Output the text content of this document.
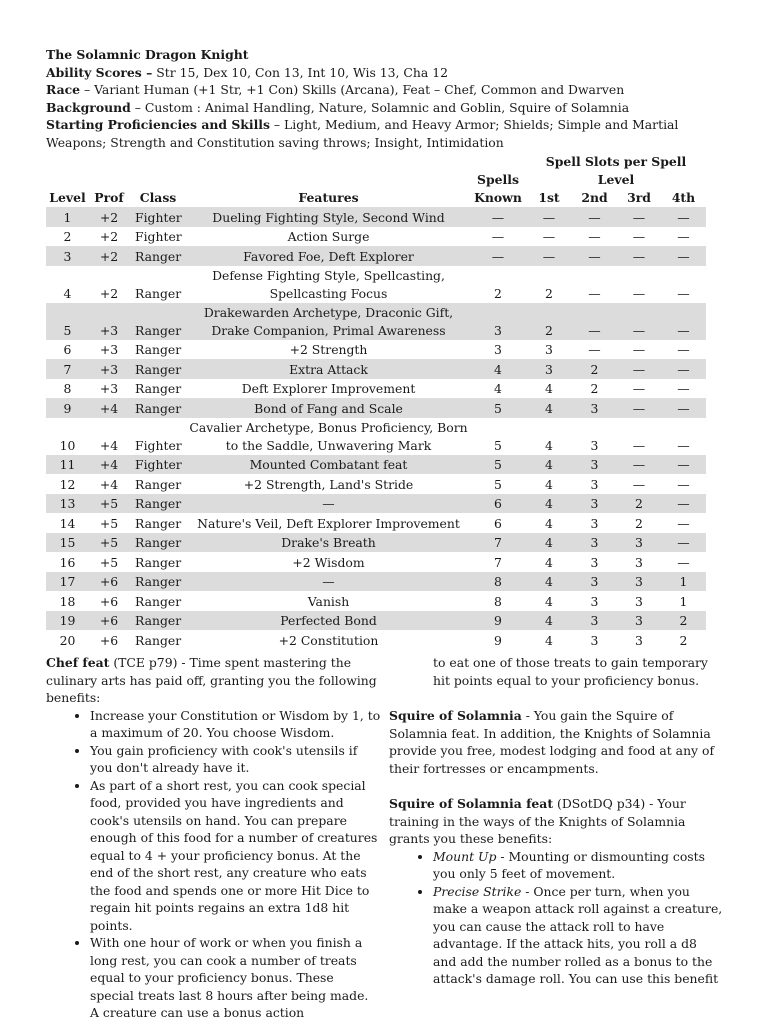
The Solamnic Dragon Knight

Ability Scores – Str 15, Dex 10, Con 13, Int 10, Wis 13, Cha 12

Race – Variant Human (+1 Str, +1 Con) Skills (Arcana), Feat – Chef, Common and Dwarven

Background – Custom : Animal Handling, Nature, Solamnic and Goblin, Squire of Solamnia

Starting Proficiencies and Skills – Light, Medium, and Heavy Armor; Shields; Simple and Martial Weapons; Strength and Constitution saving throws; Insight, Intimidation

				Spells	Spell Slots per Spell Level			
Level	Prof	Class	Features	Known	1st	2nd	3rd	4th
1	+2	Fighter	Dueling Fighting Style, Second Wind	—	—	—	—	—
2	+2	Fighter	Action Surge	—	—	—	—	—
3	+2	Ranger	Favored Foe, Deft Explorer	—	—	—	—	—
4	+2	Ranger	Defense Fighting Style, Spellcasting, Spellcasting Focus	2	2	—	—	—
5	+3	Ranger	Drakewarden Archetype, Draconic Gift, Drake Companion, Primal Awareness	3	2	—	—	—
6	+3	Ranger	+2 Strength	3	3	—	—	—
7	+3	Ranger	Extra Attack	4	3	2	—	—
8	+3	Ranger	Deft Explorer Improvement	4	4	2	—	—
9	+4	Ranger	Bond of Fang and Scale	5	4	3	—	—
10	+4	Fighter	Cavalier Archetype, Bonus Proficiency, Born to the Saddle, Unwavering Mark	5	4	3	—	—
11	+4	Fighter	Mounted Combatant feat	5	4	3	—	—
12	+4	Ranger	+2 Strength, Land's Stride	5	4	3	—	—
13	+5	Ranger	—	6	4	3	2	—
14	+5	Ranger	Nature's Veil, Deft Explorer Improvement	6	4	3	2	—
15	+5	Ranger	Drake's Breath	7	4	3	3	—
16	+5	Ranger	+2 Wisdom	7	4	3	3	—
17	+6	Ranger	—	8	4	3	3	1
18	+6	Ranger	Vanish	8	4	3	3	1
19	+6	Ranger	Perfected Bond	9	4	3	3	2
20	+6	Ranger	+2 Constitution	9	4	3	3	2

Chef feat (TCE p79) - Time spent mastering the culinary arts has paid off, granting you the following benefits:

• Increase your Constitution or Wisdom by 1, to a maximum of 20. You choose Wisdom.
• You gain proficiency with cook's utensils if you don't already have it.
• As part of a short rest, you can cook special food, provided you have ingredients and cook's utensils on hand. You can prepare enough of this food for a number of creatures equal to 4 + your proficiency bonus. At the end of the short rest, any creature who eats the food and spends one or more Hit Dice to regain hit points regains an extra 1d8 hit points.
• With one hour of work or when you finish a long rest, you can cook a number of treats equal to your proficiency bonus. These special treats last 8 hours after being made. A creature can use a bonus action

to eat one of those treats to gain temporary hit points equal to your proficiency bonus.

Squire of Solamnia - You gain the Squire of Solamnia feat. In addition, the Knights of Solamnia provide you free, modest lodging and food at any of their fortresses or encampments.

Squire of Solamnia feat (DSotDQ p34) - Your training in the ways of the Knights of Solamnia grants you these benefits:

• Mount Up - Mounting or dismounting costs you only 5 feet of movement.
• Precise Strike - Once per turn, when you make a weapon attack roll against a creature, you can cause the attack roll to have advantage. If the attack hits, you roll a d8 and add the number rolled as a bonus to the attack's damage roll. You can use this benefit
